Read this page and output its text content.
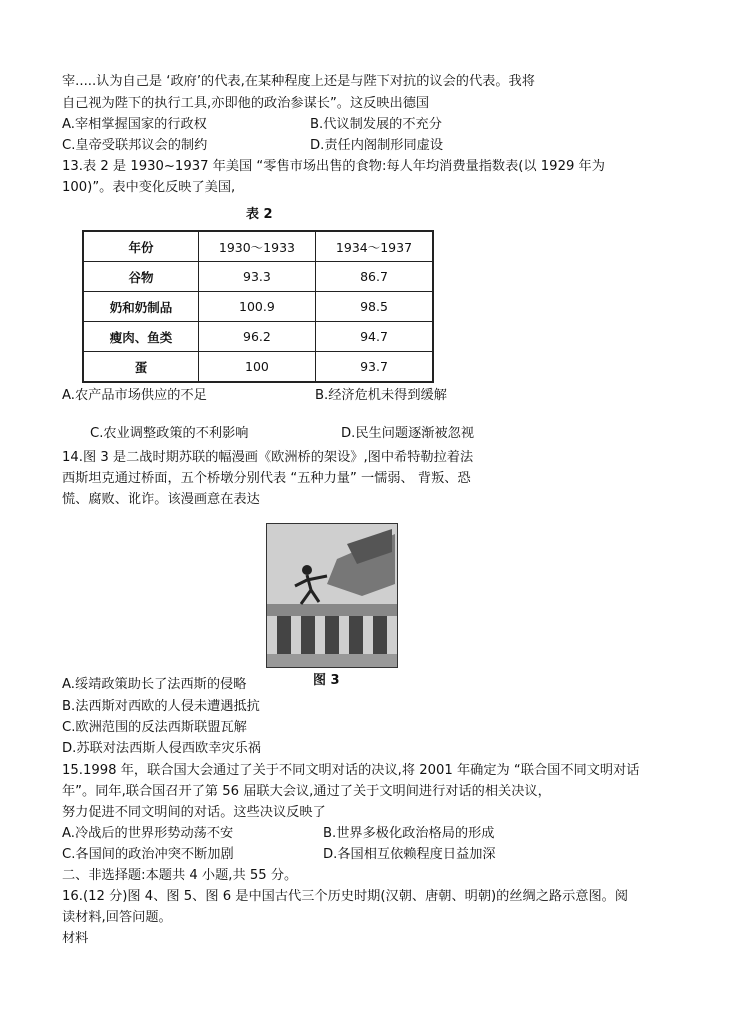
宰.....认为自己是 ‘政府’的代表,在某种程度上还是与陛下对抗的议会的代表。我将
自己视为陛下的执行工具,亦即他的政治参谋长”。这反映出德国
A.宰相掌握国家的行政权	B.代议制发展的不充分
C.皇帝受联邦议会的制约	D.责任内阁制形同虚设
13.表 2 是 1930~1937 年美国 “零售市场出售的食物:每人年均消费量指数表(以 1929 年为
100)”。表中变化反映了美国,
表 2
年份	1930～1933	1934～1937
谷物	93.3	86.7
奶和奶制品	100.9	98.5
瘦肉、鱼类	96.2	94.7
蛋	100	93.7
A.农产品市场供应的不足	B.经济危机未得到缓解
C.农业调整政策的不利影响	D.民生问题逐渐被忽视
14.图 3 是二战时期苏联的幅漫画《欧洲桥的架设》,图中希特勒拉着法
西斯坦克通过桥面，五个桥墩分别代表 “五种力量” 一懦弱、 背叛、恐
慌、腐败、讹诈。该漫画意在表达
图 3
A.绥靖政策助长了法西斯的侵略
B.法西斯对西欧的人侵未遭遇抵抗
C.欧洲范围的反法西斯联盟瓦解
D.苏联对法西斯人侵西欧幸灾乐祸
15.1998 年，联合国大会通过了关于不同文明对话的决议,将 2001 年确定为 “联合国不同文明对话
年”。同年,联合国召开了第 56 届联大会议,通过了关于文明间进行对话的相关决议，
努力促进不同文明间的对话。这些决议反映了
A.冷战后的世界形势动荡不安	B.世界多极化政治格局的形成
C.各国间的政治冲突不断加剧	D.各国相互依赖程度日益加深
二、非选择题:本题共 4 小题,共 55 分。
16.(12 分)图 4、图 5、图 6 是中国古代三个历史时期(汉朝、唐朝、明朝)的丝绸之路示意图。阅
读材料,回答问题。
材料
